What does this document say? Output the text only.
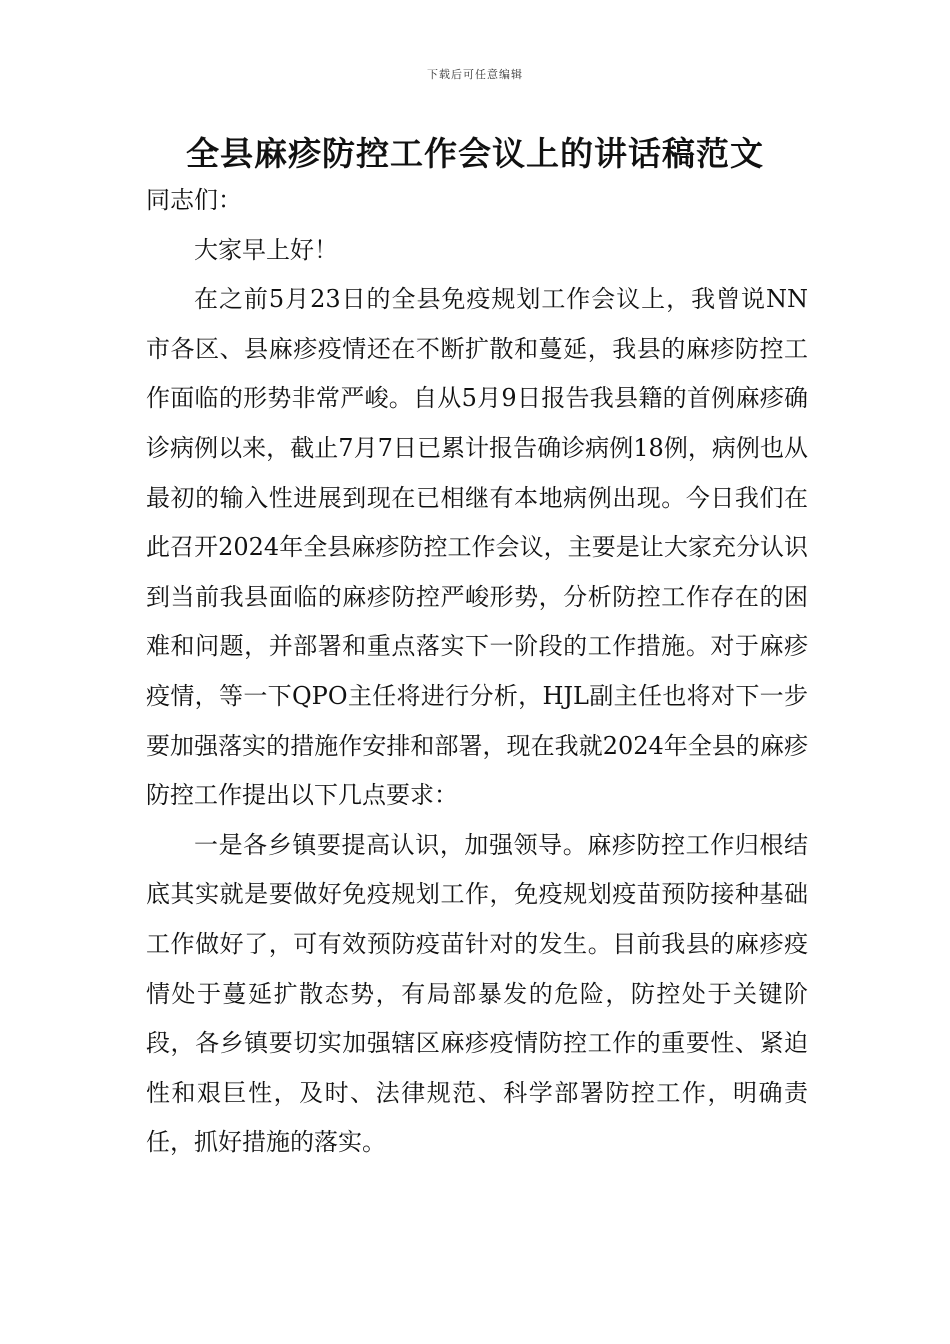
下载后可任意编辑
全县麻疹防控工作会议上的讲话稿范文

同志们：

大家早上好！

在之前5月23日的全县免疫规划工作会议上，我曾说NN市各区、县麻疹疫情还在不断扩散和蔓延，我县的麻疹防控工作面临的形势非常严峻。自从5月9日报告我县籍的首例麻疹确诊病例以来，截止7月7日已累计报告确诊病例18例，病例也从最初的输入性进展到现在已相继有本地病例出现。今日我们在此召开2024年全县麻疹防控工作会议，主要是让大家充分认识到当前我县面临的麻疹防控严峻形势，分析防控工作存在的困难和问题，并部署和重点落实下一阶段的工作措施。对于麻疹疫情，等一下QPO主任将进行分析，HJL副主任也将对下一步要加强落实的措施作安排和部署，现在我就2024年全县的麻疹防控工作提出以下几点要求：

一是各乡镇要提高认识，加强领导。麻疹防控工作归根结底其实就是要做好免疫规划工作，免疫规划疫苗预防接种基础工作做好了，可有效预防疫苗针对的发生。目前我县的麻疹疫情处于蔓延扩散态势，有局部暴发的危险，防控处于关键阶段，各乡镇要切实加强辖区麻疹疫情防控工作的重要性、紧迫性和艰巨性，及时、法律规范、科学部署防控工作，明确责任，抓好措施的落实。
